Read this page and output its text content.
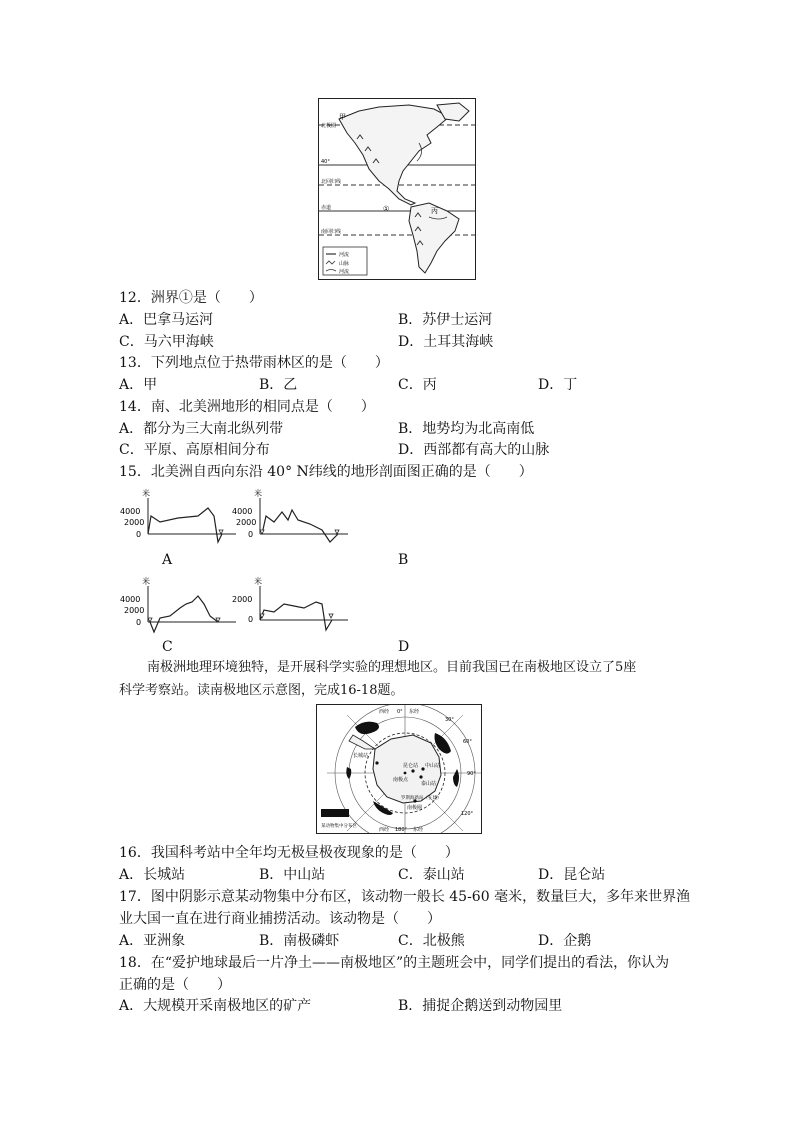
河流
山脉
河流
甲
北极圈
40°
北回归线
赤道	①	丙
南回归线
12．洲界①是（　　）
A．巴拿马运河	B．苏伊士运河
C．马六甲海峡	D．土耳其海峡
13．下列地点位于热带雨林区的是（　　）
A．甲	B．乙	C．丙	D．丁
14．南、北美洲地形的相同点是（　　）
A．都分为三大南北纵列带	B．地势均为北高南低
C．平原、高原相间分布	D．西部都有高大的山脉
15．北美洲自西向东沿 40° N纬线的地形剖面图正确的是（　　）
米
4000
2000
0
A
米
4000
2000
0
B
米
4000
2000
0
C
米
2000
0
D
南极洲地理环境独特，是开展科学实验的理想地区。目前我国已在南极地区设立了5座
科学考察站。读南极地区示意图，完成16-18题。
西经 0° 东经
长城站
中山站
昆仑站
泰山站
南极点
罗斯海新站（在建）
南极圈
某动物集中分布区
西经 180° 东经
90°
60°
120°
30°
16．我国科考站中全年均无极昼极夜现象的是（　　）
A．长城站	B．中山站	C．泰山站	D．昆仑站
17．图中阴影示意某动物集中分布区，该动物一般长 45-60 毫米，数量巨大，多年来世界渔
业大国一直在进行商业捕捞活动。该动物是（　　）
A．亚洲象	B．南极磷虾	C．北极熊	D．企鹅
18．在“爱护地球最后一片净土——南极地区”的主题班会中，同学们提出的看法，你认为
正确的是（　　）
A．大规模开采南极地区的矿产	B．捕捉企鹅送到动物园里
